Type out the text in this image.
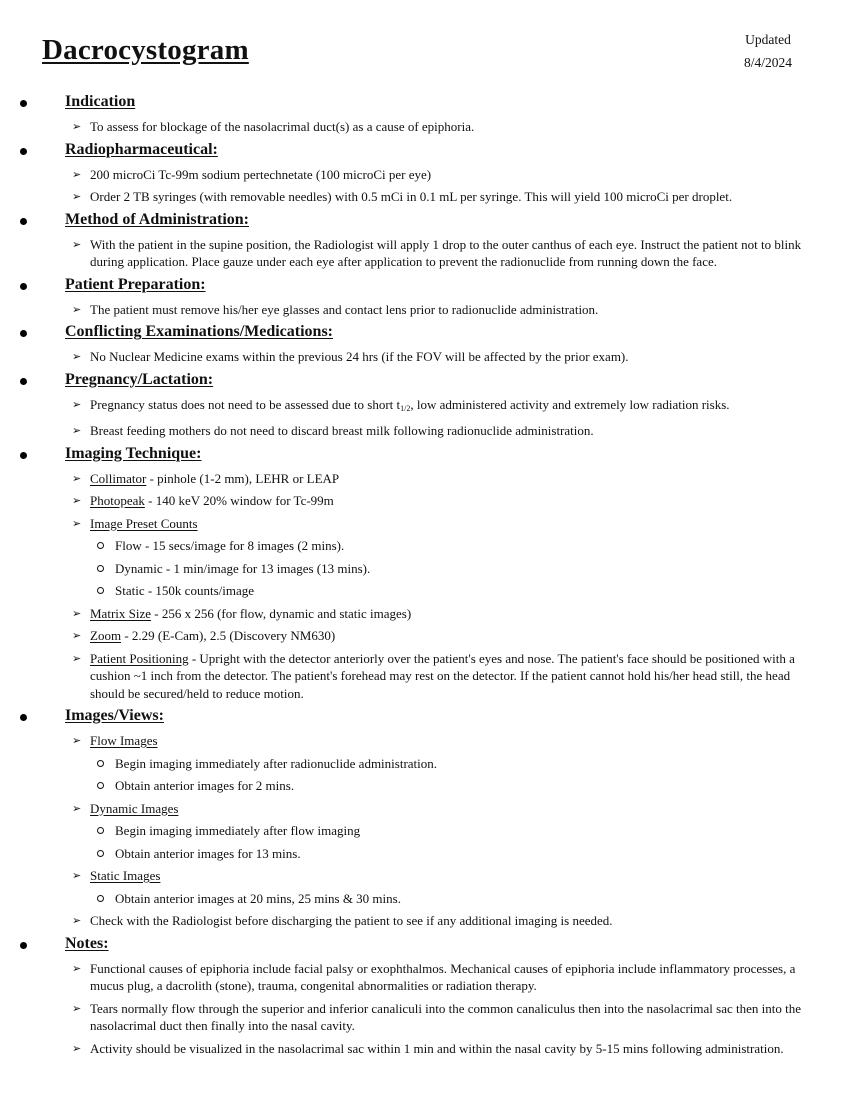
Dacrocystogram	Updated
8/4/2024
Indication
➢ To assess for blockage of the nasolacrimal duct(s) as a cause of epiphoria.
Radiopharmaceutical:
➢ 200 microCi Tc-99m sodium pertechnetate (100 microCi per eye)
➢ Order 2 TB syringes (with removable needles) with 0.5 mCi in 0.1 mL per syringe. This will yield 100 microCi per droplet.
Method of Administration:
➢ With the patient in the supine position, the Radiologist will apply 1 drop to the outer canthus of each eye. Instruct the patient not to blink during application. Place gauze under each eye after application to prevent the radionuclide from running down the face.
Patient Preparation:
➢ The patient must remove his/her eye glasses and contact lens prior to radionuclide administration.
Conflicting Examinations/Medications:
➢ No Nuclear Medicine exams within the previous 24 hrs (if the FOV will be affected by the prior exam).
Pregnancy/Lactation:
➢ Pregnancy status does not need to be assessed due to short $t_{1/2}$, low administered activity and extremely low radiation risks.
➢ Breast feeding mothers do not need to discard breast milk following radionuclide administration.
Imaging Technique:
➢ Collimator - pinhole (1-2 mm), LEHR or LEAP
➢ Photopeak - 140 keV 20% window for Tc-99m
➢ Image Preset Counts
Flow - 15 secs/image for 8 images (2 mins).
Dynamic - 1 min/image for 13 images (13 mins).
Static - 150k counts/image
➢ Matrix Size - 256 x 256 (for flow, dynamic and static images)
➢ Zoom - 2.29 (E-Cam), 2.5 (Discovery NM630)
➢ Patient Positioning - Upright with the detector anteriorly over the patient's eyes and nose. The patient's face should be positioned with a cushion ~1 inch from the detector. The patient's forehead may rest on the detector. If the patient cannot hold his/her head still, the head should be secured/held to reduce motion.
Images/Views:
➢ Flow Images
Begin imaging immediately after radionuclide administration.
Obtain anterior images for 2 mins.
➢ Dynamic Images
Begin imaging immediately after flow imaging
Obtain anterior images for 13 mins.
➢ Static Images
Obtain anterior images at 20 mins, 25 mins & 30 mins.
➢ Check with the Radiologist before discharging the patient to see if any additional imaging is needed.
Notes:
➢ Functional causes of epiphoria include facial palsy or exophthalmos. Mechanical causes of epiphoria include inflammatory processes, a mucus plug, a dacrolith (stone), trauma, congenital abnormalities or radiation therapy.
➢ Tears normally flow through the superior and inferior canaliculi into the common canaliculus then into the nasolacrimal sac then into the nasolacrimal duct then finally into the nasal cavity.
➢ Activity should be visualized in the nasolacrimal sac within 1 min and within the nasal cavity by 5-15 mins following administration.
